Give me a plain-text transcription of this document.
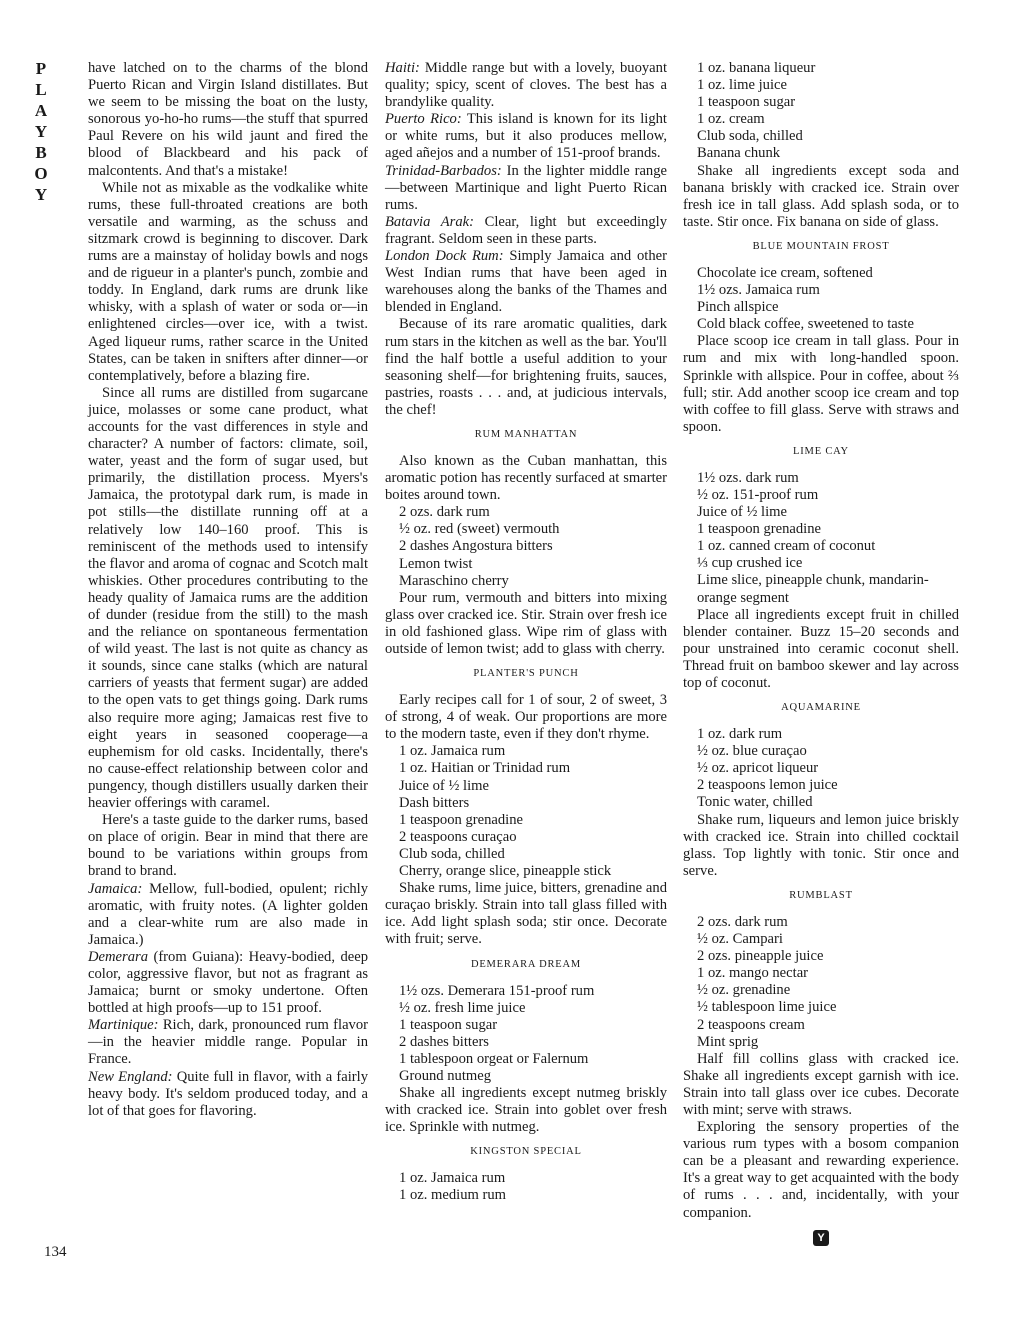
P
L
A
Y
B
O
Y
134

have latched on to the charms of the blond Puerto Rican and Virgin Island distillates. But we seem to be missing the boat on the lusty, sonorous yo-ho-ho rums—the stuff that spurred Paul Revere on his wild jaunt and fired the blood of Blackbeard and his pack of malcontents. And that's a mistake!

While not as mixable as the vodkalike white rums, these full-throated creations are both versatile and warming, as the schuss and sitzmark crowd is beginning to discover. Dark rums are a mainstay of holiday bowls and nogs and de rigueur in a planter's punch, zombie and toddy. In England, dark rums are drunk like whisky, with a splash of water or soda or—in enlightened circles—over ice, with a twist. Aged liqueur rums, rather scarce in the United States, can be taken in snifters after dinner—or contemplatively, before a blazing fire.

Since all rums are distilled from sugarcane juice, molasses or some cane product, what accounts for the vast differences in style and character? A number of factors: climate, soil, water, yeast and the form of sugar used, but primarily, the distillation process. Myers's Jamaica, the prototypal dark rum, is made in pot stills—the distillate running off at a relatively low 140–160 proof. This is reminiscent of the methods used to intensify the flavor and aroma of cognac and Scotch malt whiskies. Other procedures contributing to the heady quality of Jamaica rums are the addition of dunder (residue from the still) to the mash and the reliance on spontaneous fermentation of wild yeast. The last is not quite as chancy as it sounds, since cane stalks (which are natural carriers of yeasts that ferment sugar) are added to the open vats to get things going. Dark rums also require more aging; Jamaicas rest five to eight years in seasoned cooperage—a euphemism for old casks. Incidentally, there's no cause-effect relationship between color and pungency, though distillers usually darken their heavier offerings with caramel.

Here's a taste guide to the darker rums, based on place of origin. Bear in mind that there are bound to be variations within groups from brand to brand.

Jamaica: Mellow, full-bodied, opulent; richly aromatic, with fruity notes. (A lighter golden and a clear-white rum are also made in Jamaica.)

Demerara (from Guiana): Heavy-bodied, deep color, aggressive flavor, but not as fragrant as Jamaica; burnt or smoky undertone. Often bottled at high proofs—up to 151 proof.

Martinique: Rich, dark, pronounced rum flavor—in the heavier middle range. Popular in France.

New England: Quite full in flavor, with a fairly heavy body. It's seldom produced today, and a lot of that goes for flavoring.

Haiti: Middle range but with a lovely, buoyant quality; spicy, scent of cloves. The best has a brandylike quality.

Puerto Rico: This island is known for its light or white rums, but it also produces mellow, aged añejos and a number of 151-proof brands.

Trinidad-Barbados: In the lighter middle range—between Martinique and light Puerto Rican rums.

Batavia Arak: Clear, light but exceedingly fragrant. Seldom seen in these parts.

London Dock Rum: Simply Jamaica and other West Indian rums that have been aged in warehouses along the banks of the Thames and blended in England.

Because of its rare aromatic qualities, dark rum stars in the kitchen as well as the bar. You'll find the half bottle a useful addition to your seasoning shelf—for brightening fruits, sauces, pastries, roasts . . . and, at judicious intervals, the chef!

RUM MANHATTAN

Also known as the Cuban manhattan, this aromatic potion has recently surfaced at smarter boites around town.

2 ozs. dark rum
½ oz. red (sweet) vermouth
2 dashes Angostura bitters
Lemon twist
Maraschino cherry

Pour rum, vermouth and bitters into mixing glass over cracked ice. Stir. Strain over fresh ice in old fashioned glass. Wipe rim of glass with outside of lemon twist; add to glass with cherry.

PLANTER'S PUNCH

Early recipes call for 1 of sour, 2 of sweet, 3 of strong, 4 of weak. Our proportions are more to the modern taste, even if they don't rhyme.

1 oz. Jamaica rum
1 oz. Haitian or Trinidad rum
Juice of ½ lime
Dash bitters
1 teaspoon grenadine
2 teaspoons curaçao
Club soda, chilled
Cherry, orange slice, pineapple stick

Shake rums, lime juice, bitters, grenadine and curaçao briskly. Strain into tall glass filled with ice. Add light splash soda; stir once. Decorate with fruit; serve.

DEMERARA DREAM
1½ ozs. Demerara 151-proof rum
½ oz. fresh lime juice
1 teaspoon sugar
2 dashes bitters
1 tablespoon orgeat or Falernum
Ground nutmeg

Shake all ingredients except nutmeg briskly with cracked ice. Strain into goblet over fresh ice. Sprinkle with nutmeg.

KINGSTON SPECIAL
1 oz. Jamaica rum
1 oz. medium rum
1 oz. banana liqueur
1 oz. lime juice
1 teaspoon sugar
1 oz. cream
Club soda, chilled
Banana chunk

Shake all ingredients except soda and banana briskly with cracked ice. Strain over fresh ice in tall glass. Add splash soda, or to taste. Stir once. Fix banana on side of glass.

BLUE MOUNTAIN FROST
Chocolate ice cream, softened
1½ ozs. Jamaica rum
Pinch allspice
Cold black coffee, sweetened to taste

Place scoop ice cream in tall glass. Pour in rum and mix with long-handled spoon. Sprinkle with allspice. Pour in coffee, about ⅔ full; stir. Add another scoop ice cream and top with coffee to fill glass. Serve with straws and spoon.

LIME CAY
1½ ozs. dark rum
½ oz. 151-proof rum
Juice of ½ lime
1 teaspoon grenadine
1 oz. canned cream of coconut
⅓ cup crushed ice
Lime slice, pineapple chunk, mandarin-orange segment

Place all ingredients except fruit in chilled blender container. Buzz 15–20 seconds and pour unstrained into ceramic coconut shell. Thread fruit on bamboo skewer and lay across top of coconut.

AQUAMARINE
1 oz. dark rum
½ oz. blue curaçao
½ oz. apricot liqueur
2 teaspoons lemon juice
Tonic water, chilled

Shake rum, liqueurs and lemon juice briskly with cracked ice. Strain into chilled cocktail glass. Top lightly with tonic. Stir once and serve.

RUMBLAST
2 ozs. dark rum
½ oz. Campari
2 ozs. pineapple juice
1 oz. mango nectar
½ oz. grenadine
½ tablespoon lime juice
2 teaspoons cream
Mint sprig

Half fill collins glass with cracked ice. Shake all ingredients except garnish with ice. Strain into tall glass over ice cubes. Decorate with mint; serve with straws.

Exploring the sensory properties of the various rum types with a bosom companion can be a pleasant and rewarding experience. It's a great way to get acquainted with the body of rums . . . and, incidentally, with your companion.

Y
